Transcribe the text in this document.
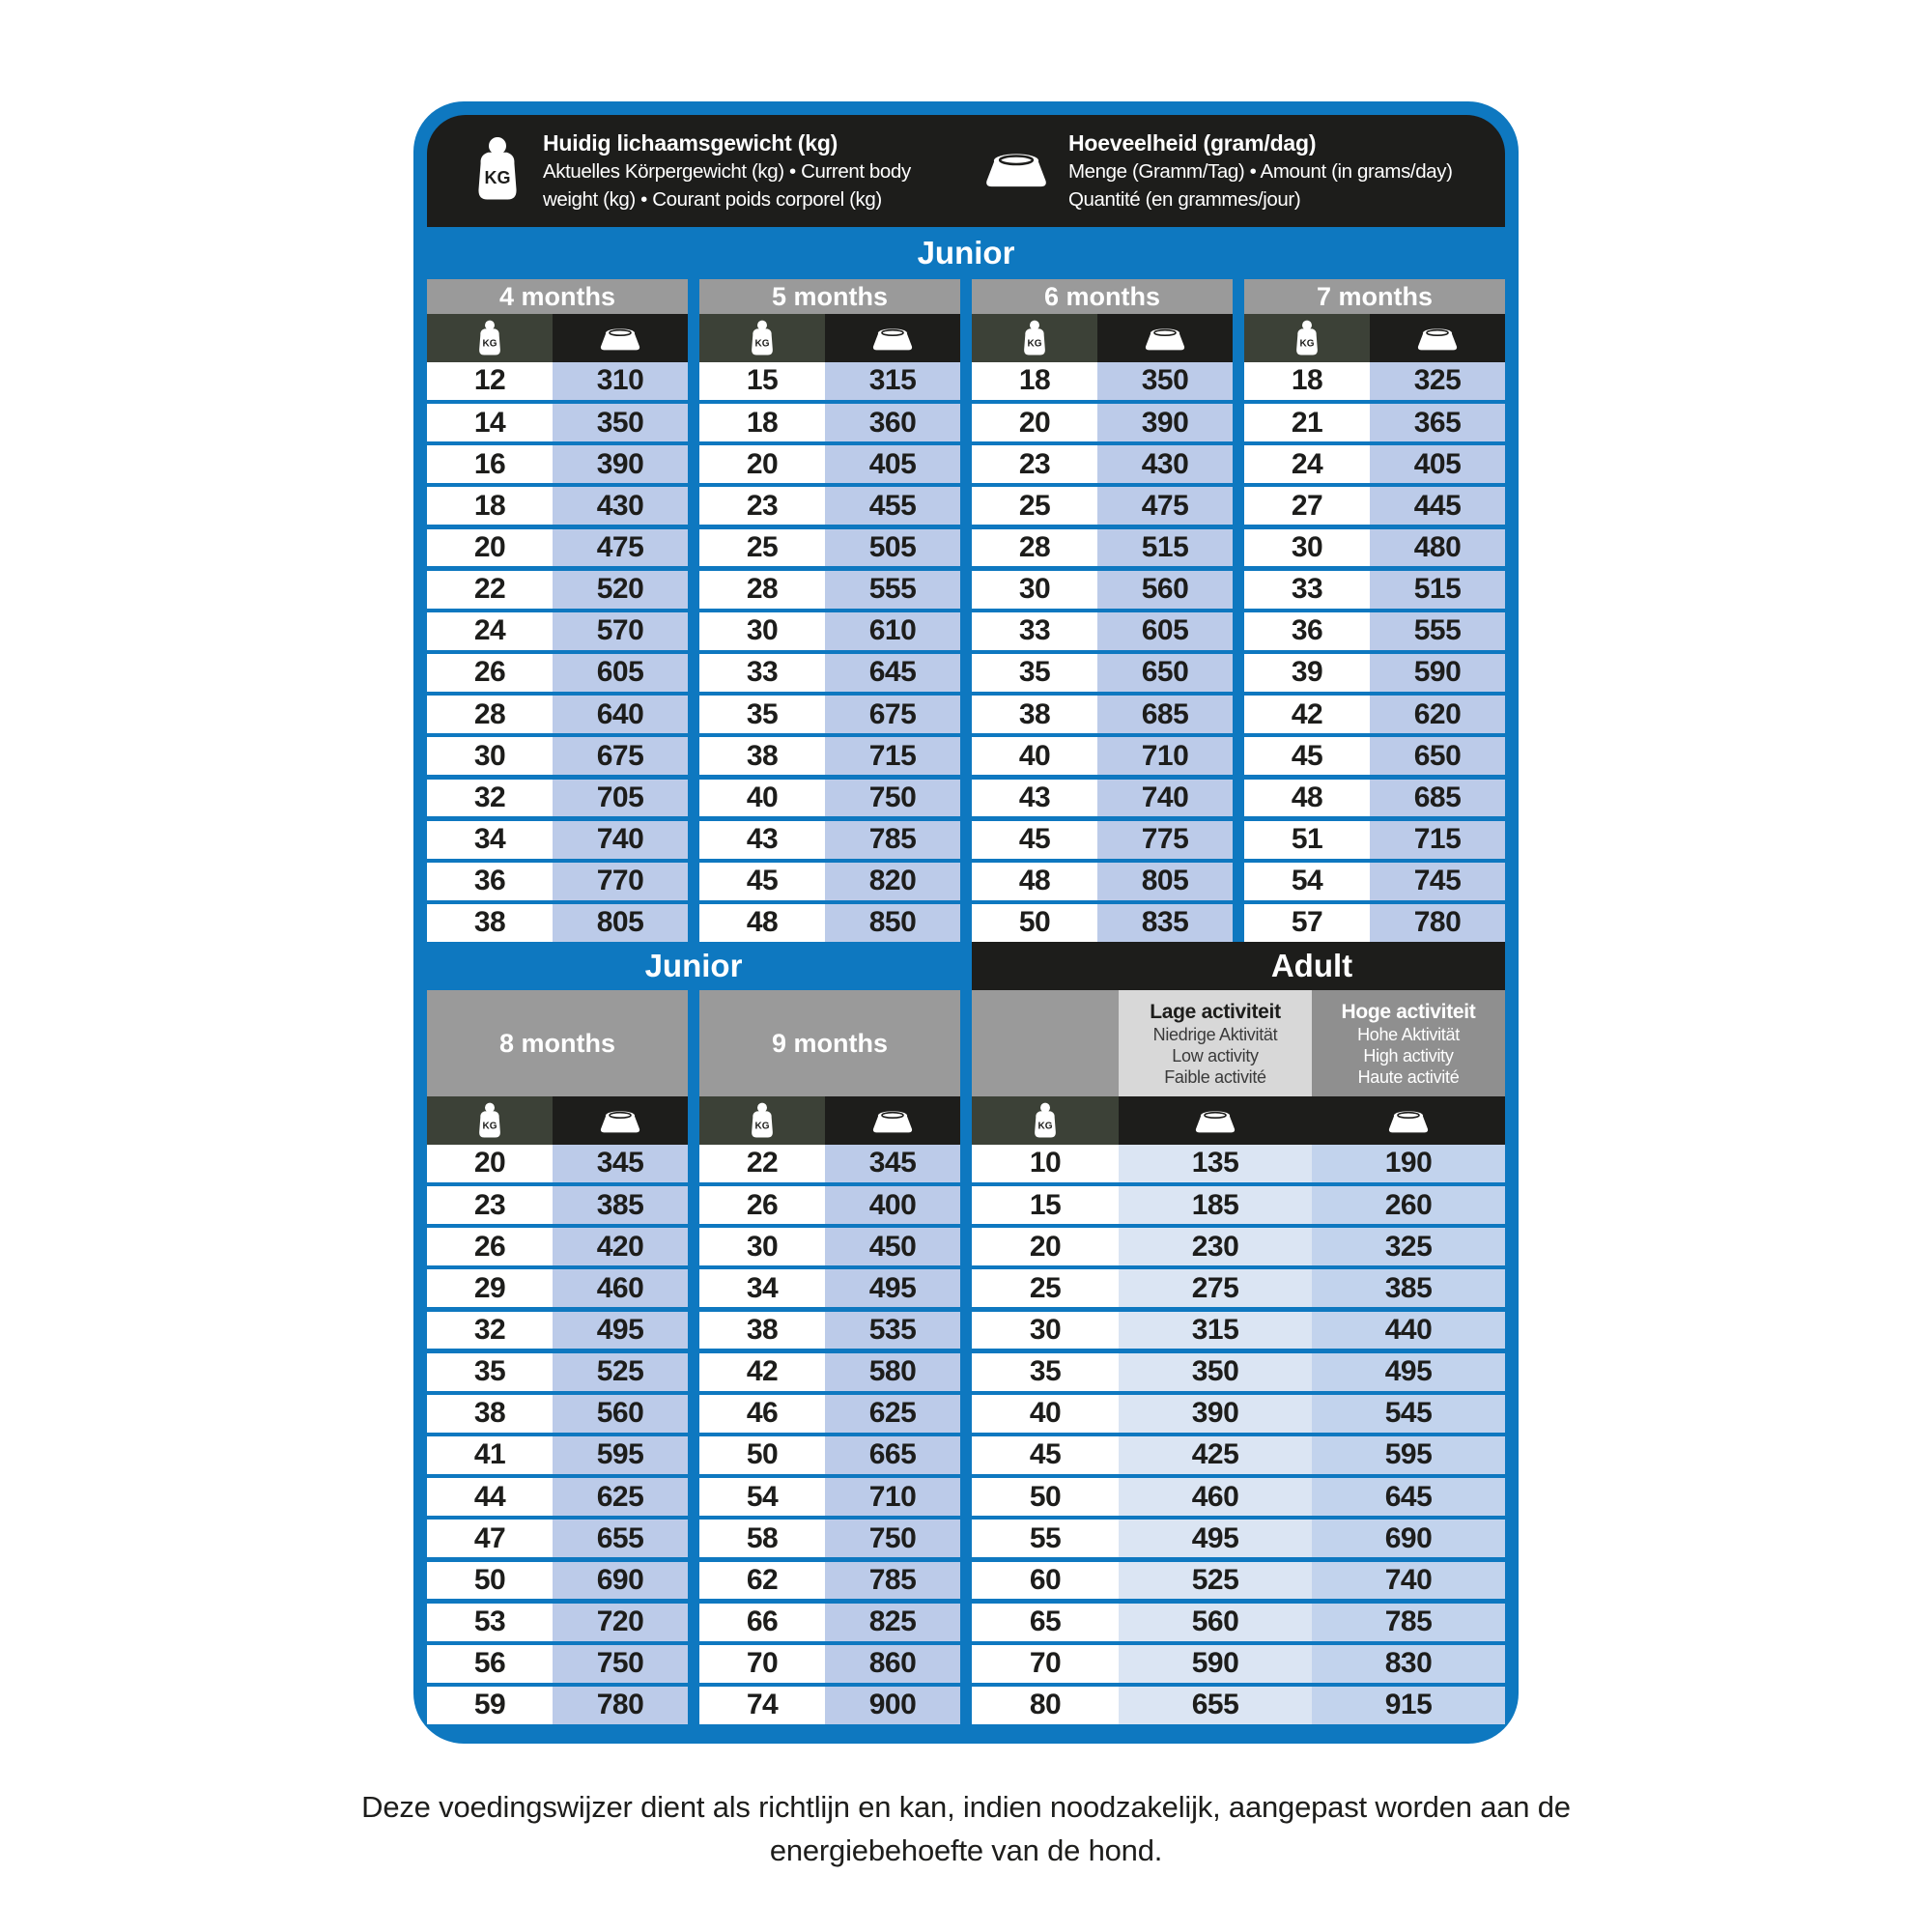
KG
Huidig lichaamsgewicht (kg)
Aktuelles Körpergewicht (kg) • Current body
weight (kg) • Courant poids corporel (kg)
Hoeveelheid (gram/dag)
Menge (Gramm/Tag) • Amount (in grams/day)
Quantité (en grammes/jour)
Junior
4 months
KG
12	310
14	350
16	390
18	430
20	475
22	520
24	570
26	605
28	640
30	675
32	705
34	740
36	770
38	805
5 months
KG
15	315
18	360
20	405
23	455
25	505
28	555
30	610
33	645
35	675
38	715
40	750
43	785
45	820
48	850
6 months
KG
18	350
20	390
23	430
25	475
28	515
30	560
33	605
35	650
38	685
40	710
43	740
45	775
48	805
50	835
7 months
KG
18	325
21	365
24	405
27	445
30	480
33	515
36	555
39	590
42	620
45	650
48	685
51	715
54	745
57	780
Junior	Adult
8 months
KG
20	345
23	385
26	420
29	460
32	495
35	525
38	560
41	595
44	625
47	655
50	690
53	720
56	750
59	780
9 months
KG
22	345
26	400
30	450
34	495
38	535
42	580
46	625
50	665
54	710
58	750
62	785
66	825
70	860
74	900
Lage activiteit
Niedrige Aktivität
Low activity
Faible activité
Hoge activiteit
Hohe Aktivität
High activity
Haute activité
KG
10	135	190
15	185	260
20	230	325
25	275	385
30	315	440
35	350	495
40	390	545
45	425	595
50	460	645
55	495	690
60	525	740
65	560	785
70	590	830
80	655	915
Deze voedingswijzer dient als richtlijn en kan, indien noodzakelijk, aangepast worden aan de
energiebehoefte van de hond.
